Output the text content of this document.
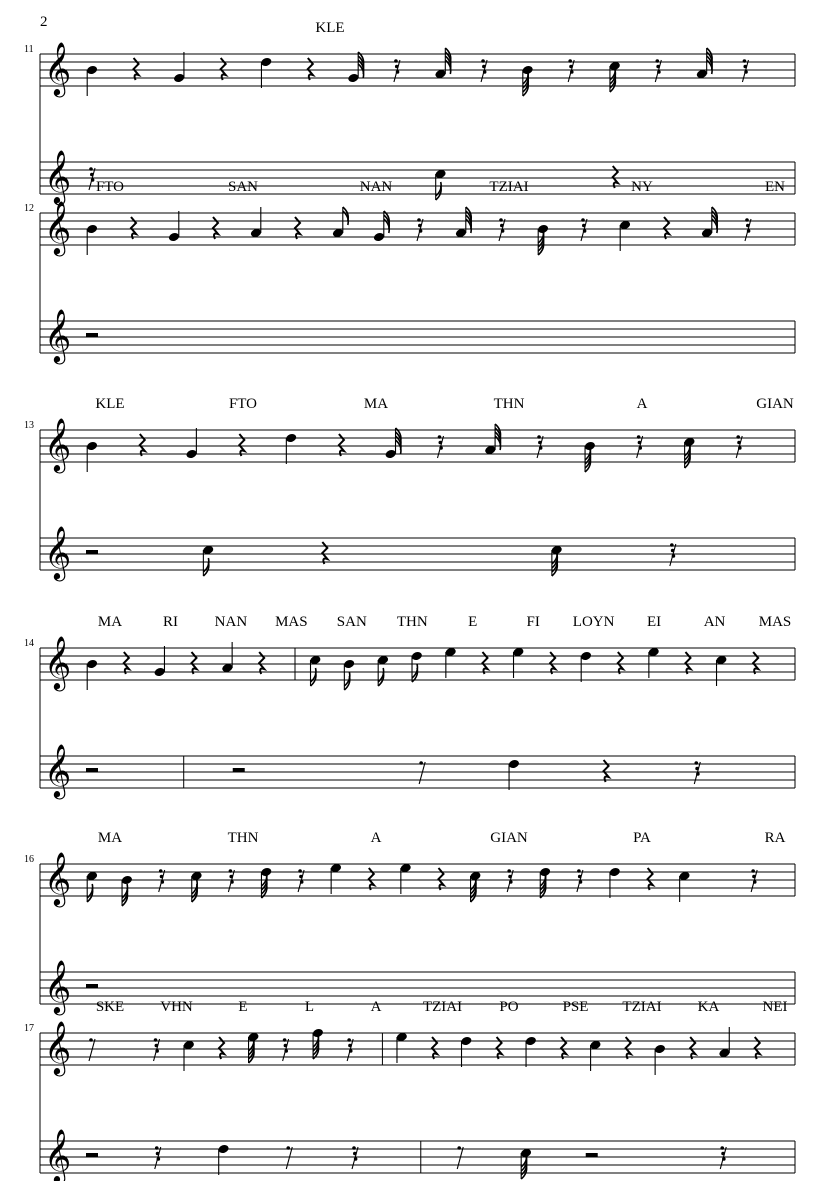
2
𝄞
𝄞
11
KLE
𝄞
𝄞
12
FTO	SAN	NAN	TZIAI	NY	EN
𝄞
𝄞
13
KLE	FTO	MA	THN	A	GIAN
𝄞
𝄞
14
MA	RI NAN MAS SAN THN	E	FI LOYN EI	AN MAS
𝄞
𝄞
16
MA	THN	A	GIAN	PA	RA
𝄞
𝄞
17
SKE VHN	E	L	A	TZIAI PO	PSE TZIAI KA	NEI
